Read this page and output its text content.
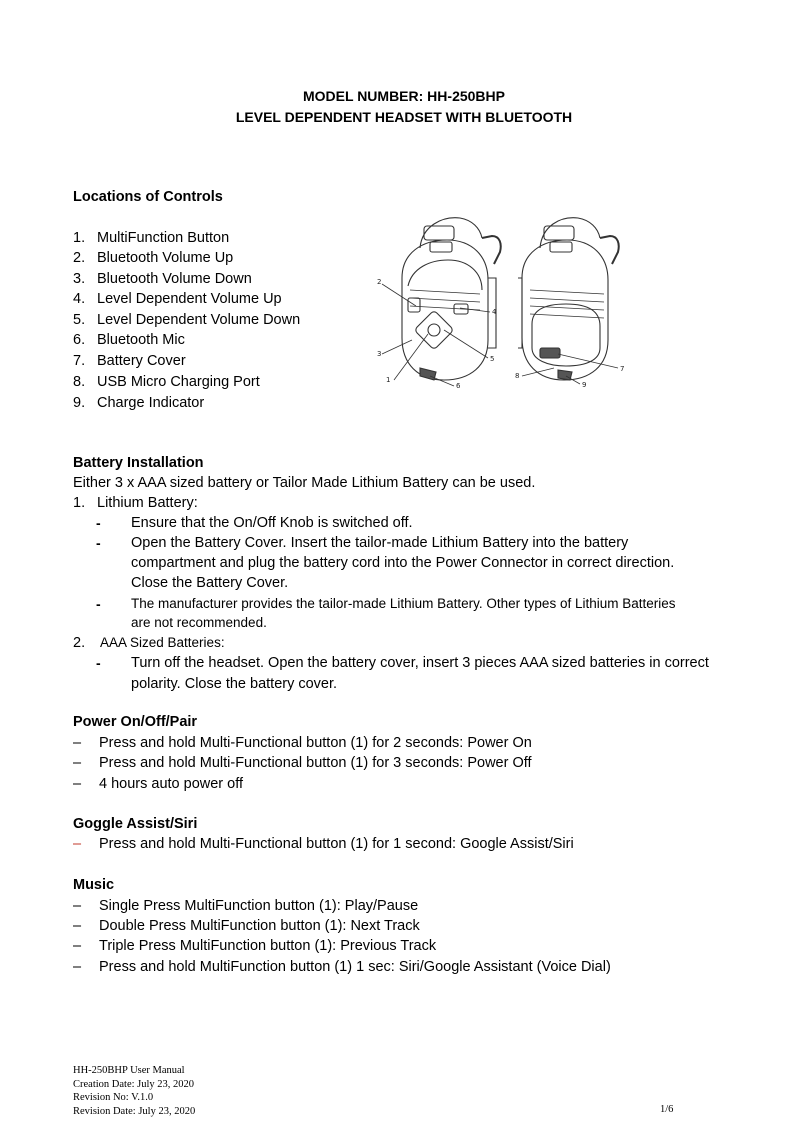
MODEL NUMBER: HH-250BHP
LEVEL DEPENDENT HEADSET WITH BLUETOOTH
Locations of Controls
1. MultiFunction Button
2. Bluetooth Volume Up
3. Bluetooth Volume Down
4. Level Dependent Volume Up
5. Level Dependent Volume Down
6. Bluetooth Mic
7. Battery Cover
8. USB Micro Charging Port
9. Charge Indicator
1
2
3
4
5
6
7
8
9
Battery Installation
Either 3 x AAA sized battery or Tailor Made Lithium Battery can be used.
1. Lithium Battery:
- Ensure that the On/Off Knob is switched off.
- Open the Battery Cover. Insert the tailor-made Lithium Battery into the battery
compartment and plug the battery cord into the Power Connector in correct direction.
Close the Battery Cover.
- The manufacturer provides the tailor-made Lithium Battery. Other types of Lithium Batteries
are not recommended.
2. AAA Sized Batteries:
- Turn off the headset. Open the battery cover, insert 3 pieces AAA sized batteries in correct
polarity. Close the battery cover.
Power On/Off/Pair
– Press and hold Multi-Functional button (1) for 2 seconds: Power On
– Press and hold Multi-Functional button (1) for 3 seconds: Power Off
– 4 hours auto power off
Goggle Assist/Siri
– Press and hold Multi-Functional button (1) for 1 second: Google Assist/Siri
Music
– Single Press MultiFunction button (1): Play/Pause
– Double Press MultiFunction button (1): Next Track
– Triple Press MultiFunction button (1): Previous Track
– Press and hold MultiFunction button (1) 1 sec: Siri/Google Assistant (Voice Dial)
HH-250BHP User Manual
Creation Date: July 23, 2020
Revision No: V.1.0
Revision Date: July 23, 2020	1/6
